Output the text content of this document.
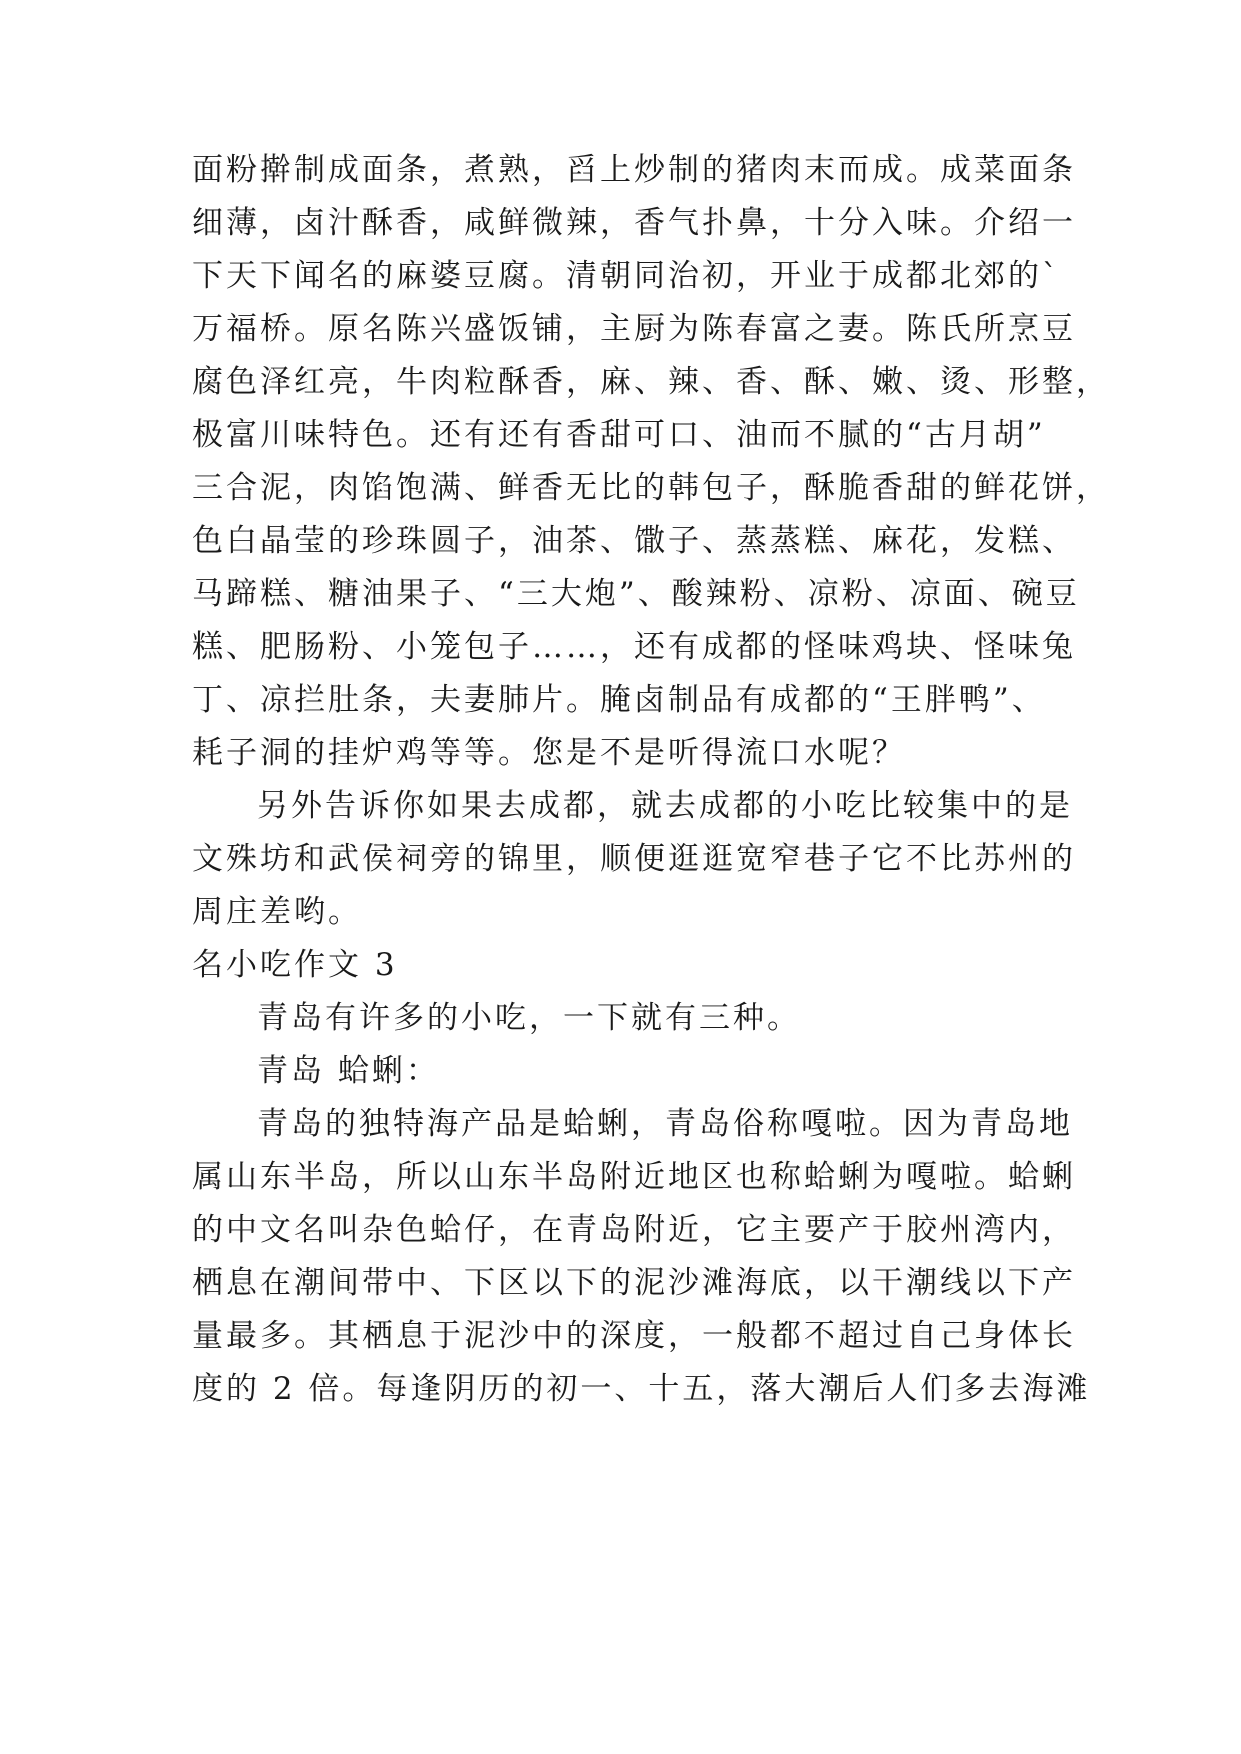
面粉擀制成面条，煮熟，舀上炒制的猪肉末而成。成菜面条
细薄，卤汁酥香，咸鲜微辣，香气扑鼻，十分入味。介绍一
下天下闻名的麻婆豆腐。清朝同治初，开业于成都北郊的`
万福桥。原名陈兴盛饭铺，主厨为陈春富之妻。陈氏所烹豆
腐色泽红亮，牛肉粒酥香，麻、辣、香、酥、嫩、烫、形整，
极富川味特色。还有还有香甜可口、油而不腻的“古月胡”
三合泥，肉馅饱满、鲜香无比的韩包子，酥脆香甜的鲜花饼，
色白晶莹的珍珠圆子，油茶、馓子、蒸蒸糕、麻花，发糕、
马蹄糕、糖油果子、“三大炮”、酸辣粉、凉粉、凉面、碗豆
糕、肥肠粉、小笼包子……，还有成都的怪味鸡块、怪味兔
丁、凉拦肚条，夫妻肺片。腌卤制品有成都的“王胖鸭”、
耗子洞的挂炉鸡等等。您是不是听得流口水呢？
另外告诉你如果去成都，就去成都的小吃比较集中的是
文殊坊和武侯祠旁的锦里，顺便逛逛宽窄巷子它不比苏州的
周庄差哟。
名小吃作文 3
青岛有许多的小吃，一下就有三种。
青岛 蛤蜊：
青岛的独特海产品是蛤蜊，青岛俗称嘎啦。因为青岛地
属山东半岛，所以山东半岛附近地区也称蛤蜊为嘎啦。蛤蜊
的中文名叫杂色蛤仔，在青岛附近，它主要产于胶州湾内，
栖息在潮间带中、下区以下的泥沙滩海底，以干潮线以下产
量最多。其栖息于泥沙中的深度，一般都不超过自己身体长
度的 2 倍。每逢阴历的初一、十五，落大潮后人们多去海滩
